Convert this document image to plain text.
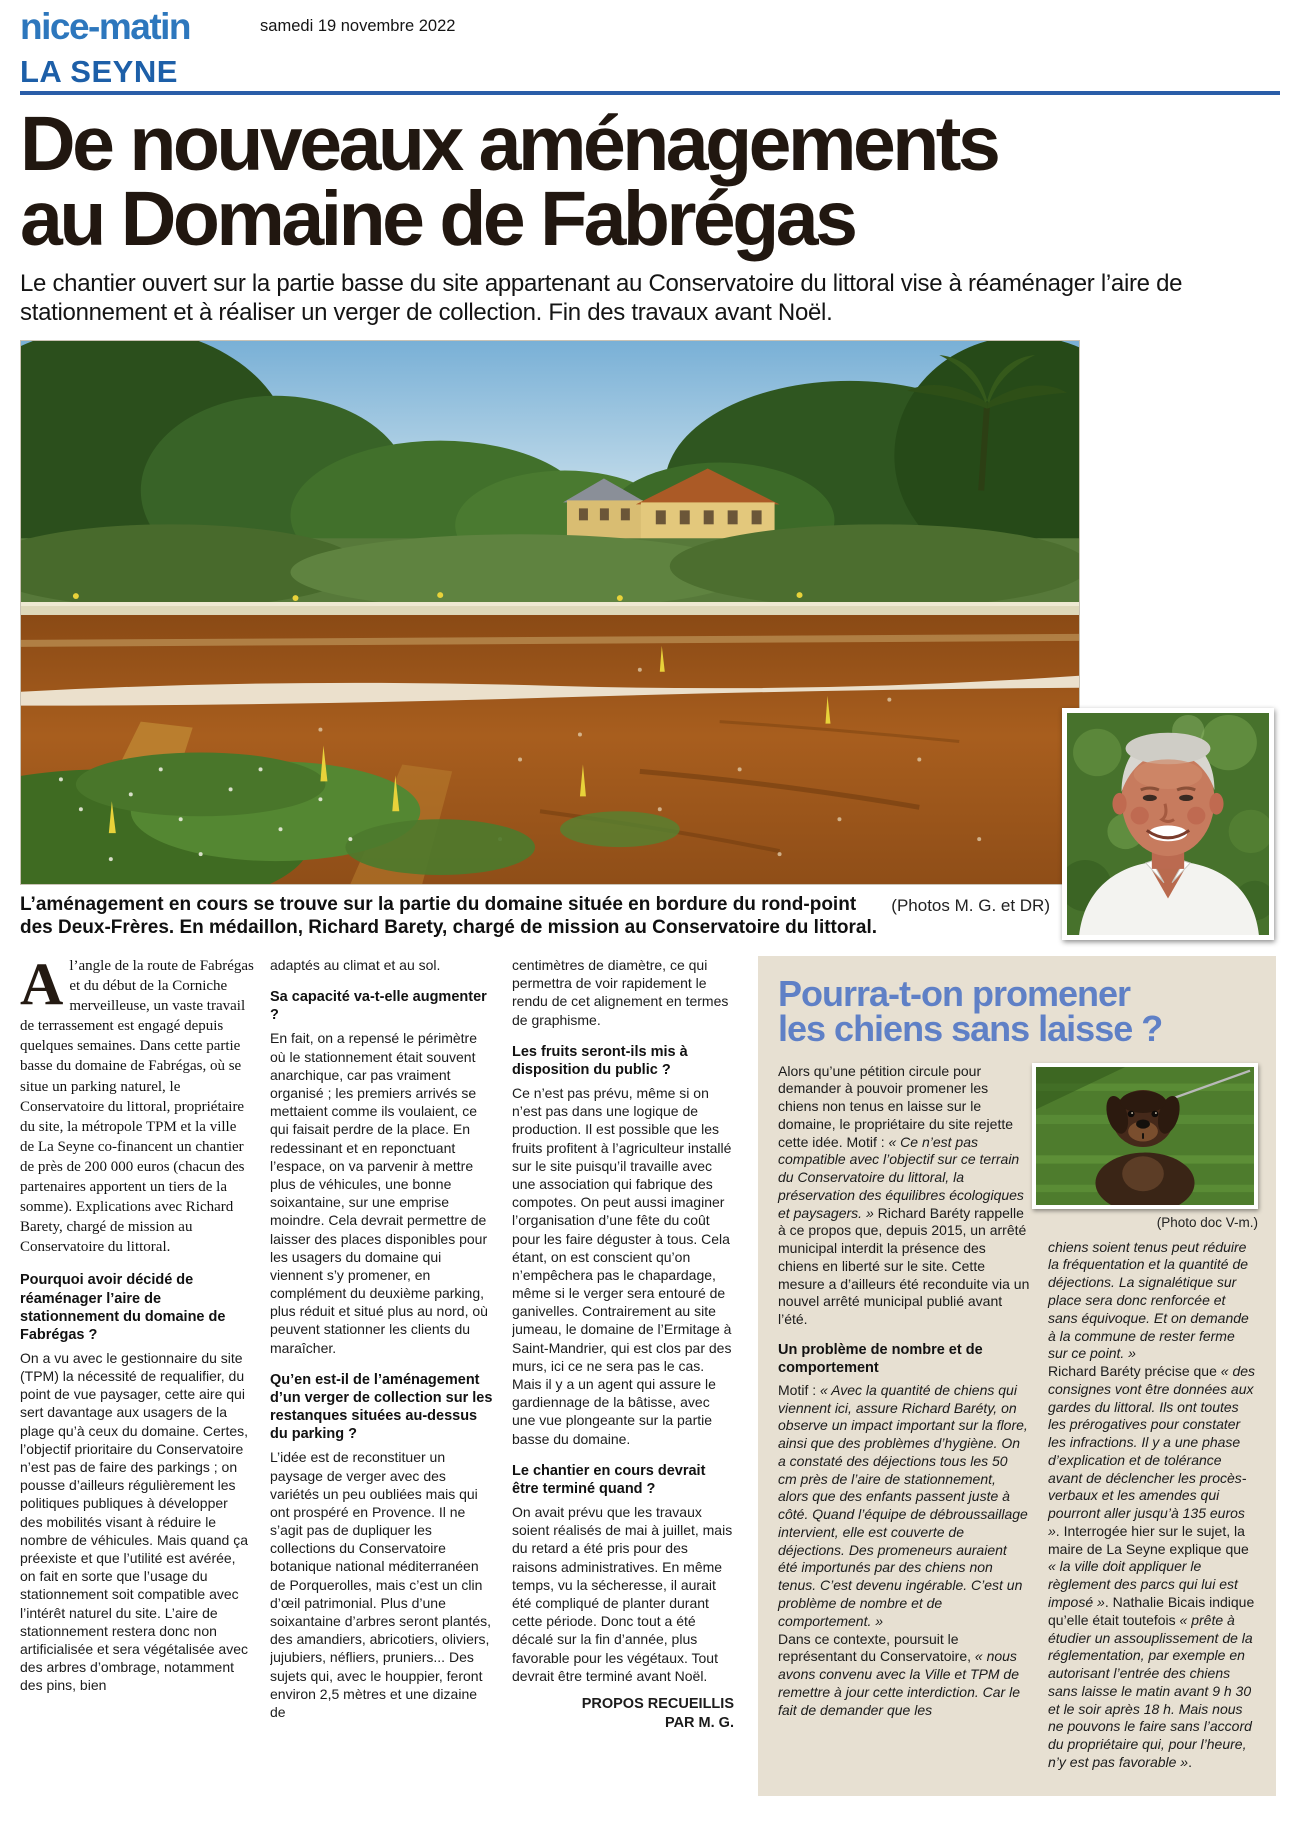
nice-matin	samedi 19 novembre 2022
LA SEYNE
De nouveaux aménagements
au Domaine de Fabrégas

Le chantier ouvert sur la partie basse du site appartenant au Conservatoire du littoral vise à réaménager l’aire de stationnement et à réaliser un verger de collection. Fin des travaux avant Noël.

(Photos M. G. et DR)
L’aménagement en cours se trouve sur la partie du domaine située en bordure du rond-point des Deux-Frères. En médaillon, Richard Barety, chargé de mission au Conservatoire du littoral.

Al’angle de la route de Fabrégas et du début de la Corniche merveilleuse, un vaste travail de terrassement est engagé depuis quelques semaines. Dans cette partie basse du domaine de Fabrégas, où se situe un parking naturel, le Conservatoire du littoral, propriétaire du site, la métropole TPM et la ville de La Seyne co-financent un chantier de près de 200 000 euros (chacun des partenaires apportent un tiers de la somme). Explications avec Richard Barety, chargé de mission au Conservatoire du littoral.

Pourquoi avoir décidé de réaménager l’aire de stationnement du domaine de Fabrégas ?

On a vu avec le gestionnaire du site (TPM) la nécessité de requalifier, du point de vue paysager, cette aire qui sert davantage aux usagers de la plage qu’à ceux du domaine. Certes, l’objectif prioritaire du Conservatoire n’est pas de faire des parkings ; on pousse d’ailleurs régulièrement les politiques publiques à développer des mobilités visant à réduire le nombre de véhicules. Mais quand ça préexiste et que l’utilité est avérée, on fait en sorte que l’usage du stationnement soit compatible avec l’intérêt naturel du site. L’aire de stationnement restera donc non artificialisée et sera végétalisée avec des arbres d’ombrage, notamment des pins, bien

adaptés au climat et au sol.

Sa capacité va-t-elle augmenter ?

En fait, on a repensé le périmètre où le stationnement était souvent anarchique, car pas vraiment organisé ; les premiers arrivés se mettaient comme ils voulaient, ce qui faisait perdre de la place. En redessinant et en reponctuant l’espace, on va parvenir à mettre plus de véhicules, une bonne soixantaine, sur une emprise moindre. Cela devrait permettre de laisser des places disponibles pour les usagers du domaine qui viennent s’y promener, en complément du deuxième parking, plus réduit et situé plus au nord, où peuvent stationner les clients du maraîcher.

Qu’en est-il de l’aménagement d’un verger de collection sur les restanques situées au-dessus du parking ?

L’idée est de reconstituer un paysage de verger avec des variétés un peu oubliées mais qui ont prospéré en Provence. Il ne s’agit pas de dupliquer les collections du Conservatoire botanique national méditerranéen de Porquerolles, mais c’est un clin d’œil patrimonial. Plus d’une soixantaine d’arbres seront plantés, des amandiers, abricotiers, oliviers, jujubiers, néfliers, pruniers... Des sujets qui, avec le houppier, feront environ 2,5 mètres et une dizaine de

centimètres de diamètre, ce qui permettra de voir rapidement le rendu de cet alignement en termes de graphisme.

Les fruits seront-ils mis à disposition du public ?

Ce n’est pas prévu, même si on n’est pas dans une logique de production. Il est possible que les fruits profitent à l’agriculteur installé sur le site puisqu’il travaille avec une association qui fabrique des compotes. On peut aussi imaginer l’organisation d’une fête du coût pour les faire déguster à tous. Cela étant, on est conscient qu’on n’empêchera pas le chapardage, même si le verger sera entouré de ganivelles. Contrairement au site jumeau, le domaine de l’Ermitage à Saint-Mandrier, qui est clos par des murs, ici ce ne sera pas le cas. Mais il y a un agent qui assure le gardiennage de la bâtisse, avec une vue plongeante sur la partie basse du domaine.

Le chantier en cours devrait être terminé quand ?

On avait prévu que les travaux soient réalisés de mai à juillet, mais du retard a été pris pour des raisons administratives. En même temps, vu la sécheresse, il aurait été compliqué de planter durant cette période. Donc tout a été décalé sur la fin d’année, plus favorable pour les végétaux. Tout devrait être terminé avant Noël.

PROPOS RECUEILLIS
PAR M. G.

Pourra-t-on promener
les chiens sans laisse ?

Alors qu’une pétition circule pour demander à pouvoir promener les chiens non tenus en laisse sur le domaine, le propriétaire du site rejette cette idée. Motif : « Ce n’est pas compatible avec l’objectif sur ce terrain du Conservatoire du littoral, la préservation des équilibres écologiques et paysagers. » Richard Baréty rappelle à ce propos que, depuis 2015, un arrêté municipal interdit la présence des chiens en liberté sur le site. Cette mesure a d’ailleurs été reconduite via un nouvel arrêté municipal publié avant l’été.

Un problème de nombre et de comportement

Motif : « Avec la quantité de chiens qui viennent ici, assure Richard Baréty, on observe un impact important sur la flore, ainsi que des problèmes d’hygiène. On a constaté des déjections tous les 50 cm près de l’aire de stationnement, alors que des enfants passent juste à côté. Quand l’équipe de débroussaillage intervient, elle est couverte de déjections. Des promeneurs auraient été importunés par des chiens non tenus. C’est devenu ingérable. C’est un problème de nombre et de comportement. »

Dans ce contexte, poursuit le représentant du Conservatoire, « nous avons convenu avec la Ville et TPM de remettre à jour cette interdiction. Car le fait de demander que les

(Photo doc V-m.)

chiens soient tenus peut réduire la fréquentation et la quantité de déjections. La signalétique sur place sera donc renforcée et sans équivoque. Et on demande à la commune de rester ferme sur ce point. »

Richard Baréty précise que « des consignes vont être données aux gardes du littoral. Ils ont toutes les prérogatives pour constater les infractions. Il y a une phase d’explication et de tolérance avant de déclencher les procès-verbaux et les amendes qui pourront aller jusqu’à 135 euros ». Interrogée hier sur le sujet, la maire de La Seyne explique que « la ville doit appliquer le règlement des parcs qui lui est imposé ». Nathalie Bicais indique qu’elle était toutefois « prête à étudier un assouplissement de la réglementation, par exemple en autorisant l’entrée des chiens sans laisse le matin avant 9 h 30 et le soir après 18 h. Mais nous ne pouvons le faire sans l’accord du propriétaire qui, pour l’heure, n’y est pas favorable ».
